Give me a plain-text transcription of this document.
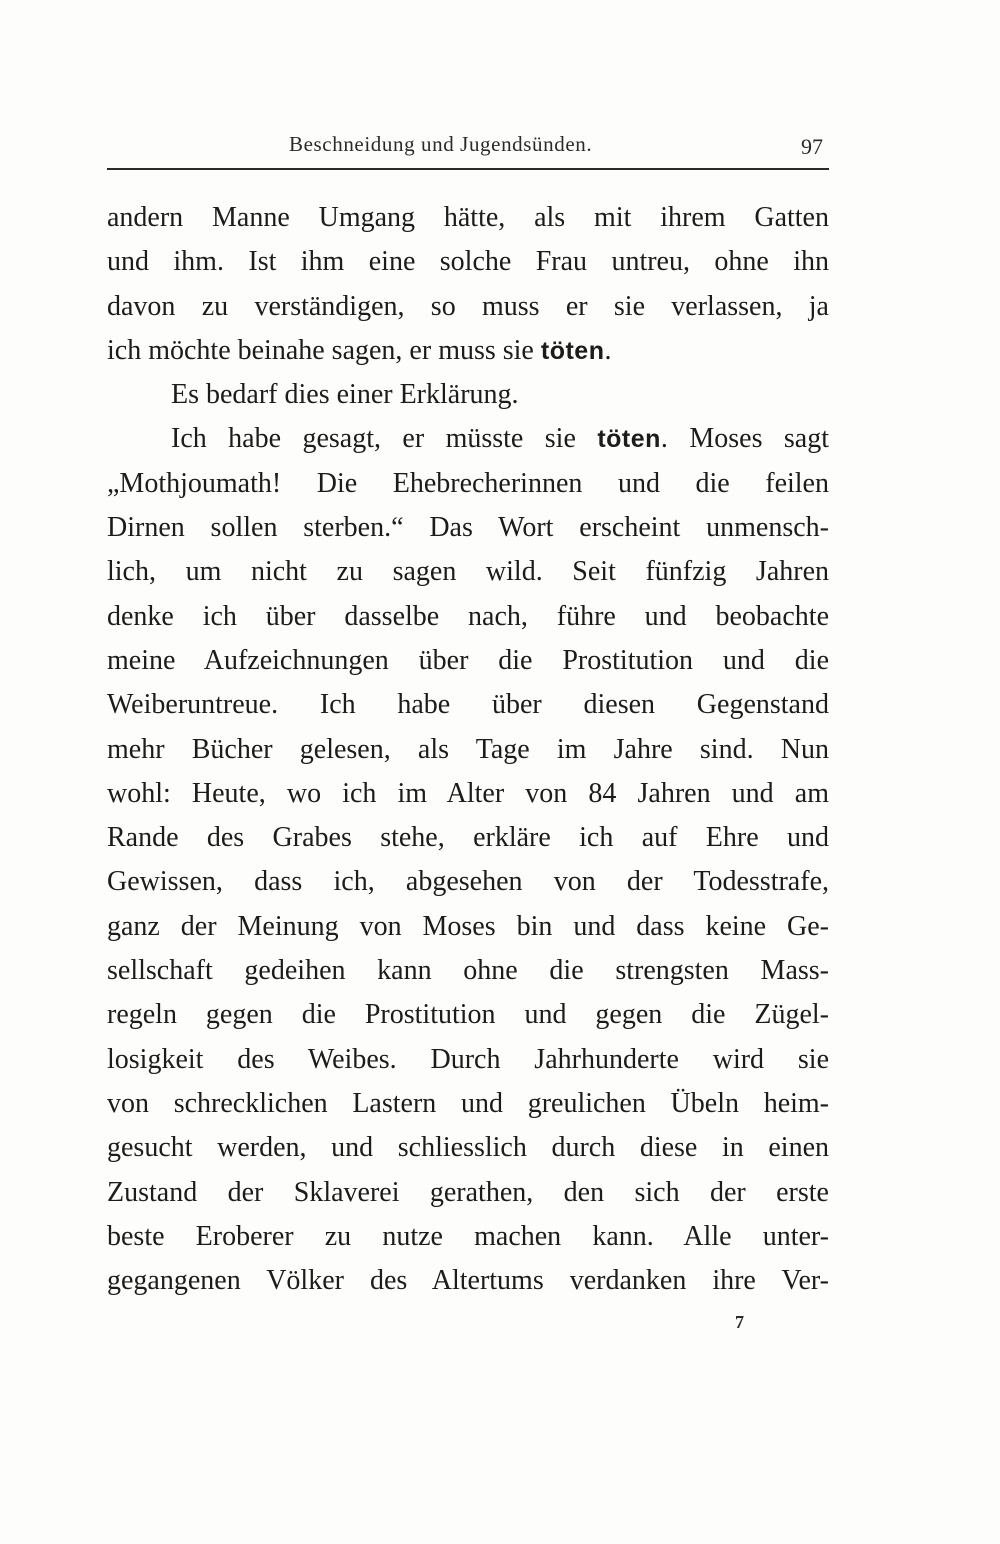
Beschneidung und Jugendsünden.	97
andern Manne Umgang hätte, als mit ihrem Gatten
und ihm. Ist ihm eine solche Frau untreu, ohne ihn
davon zu verständigen, so muss er sie verlassen, ja
ich möchte beinahe sagen, er muss sie töten.
Es bedarf dies einer Erklärung.
Ich habe gesagt, er müsste sie töten. Moses sagt
„Mothjoumath! Die Ehebrecherinnen und die feilen
Dirnen sollen sterben.“ Das Wort erscheint unmensch-
lich, um nicht zu sagen wild. Seit fünfzig Jahren
denke ich über dasselbe nach, führe und beobachte
meine Aufzeichnungen über die Prostitution und die
Weiberuntreue. Ich habe über diesen Gegenstand
mehr Bücher gelesen, als Tage im Jahre sind. Nun
wohl: Heute, wo ich im Alter von 84 Jahren und am
Rande des Grabes stehe, erkläre ich auf Ehre und
Gewissen, dass ich, abgesehen von der Todesstrafe,
ganz der Meinung von Moses bin und dass keine Ge-
sellschaft gedeihen kann ohne die strengsten Mass-
regeln gegen die Prostitution und gegen die Zügel-
losigkeit des Weibes. Durch Jahrhunderte wird sie
von schrecklichen Lastern und greulichen Übeln heim-
gesucht werden, und schliesslich durch diese in einen
Zustand der Sklaverei gerathen, den sich der erste
beste Eroberer zu nutze machen kann. Alle unter-
gegangenen Völker des Altertums verdanken ihre Ver-
7
